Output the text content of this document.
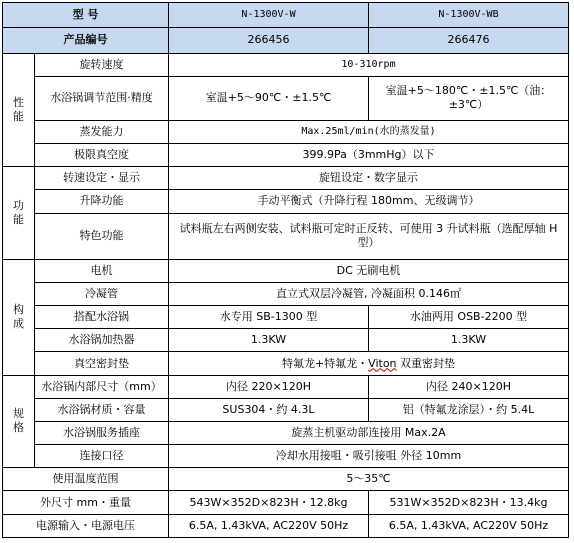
型 号		N-1300V-W	N-1300V-WB
产品编号		266456	266476

性
能	旋转速度	10-310rpm	
	水浴锅调节范围·精度	室温+5～90℃・±1.5℃	室温+5～180℃・±1.5℃（油：±3℃）
	蒸发能力	Max.25ml/min(水的蒸发量)	
	极限真空度	399.9Pa（3mmHg）以下	

功
能	转速设定・显示	旋钮设定・数字显示	
	升降功能	手动平衡式（升降行程 180mm、无级调节）	
	特色功能	试料瓶左右两侧安装、试料瓶可定时正反转、可使用 3 升试料瓶（选配厚轴 H 型）	

构
成	电机	DC 无刷电机	
	冷凝管	直立式双层冷凝管, 冷凝面积 0.146㎡	
	搭配水浴锅	水专用 SB-1300 型	水油两用 OSB-2200 型
	水浴锅加热器	1.3KW	1.3KW
	真空密封垫	特氟龙+特氟龙・Viton 双重密封垫	

规
格	水浴锅内部尺寸（mm）	内径 220×120H	内径 240×120H
	水浴锅材质・容量	SUS304・约 4.3L	铝（特氟龙涂层）・约 5.4L
	水浴锅服务插座	旋蒸主机驱动部连接用 Max.2A	
	连接口径	冷却水用接咀・吸引接咀 外径 10mm	
使用温度范围		5～35℃	
外尺寸 mm・重量		543W×352D×823H・12.8kg	531W×352D×823H・13.4kg
电源输入・电源电压		6.5A, 1.43kVA, AC220V 50Hz	6.5A, 1.43kVA, AC220V 50Hz
